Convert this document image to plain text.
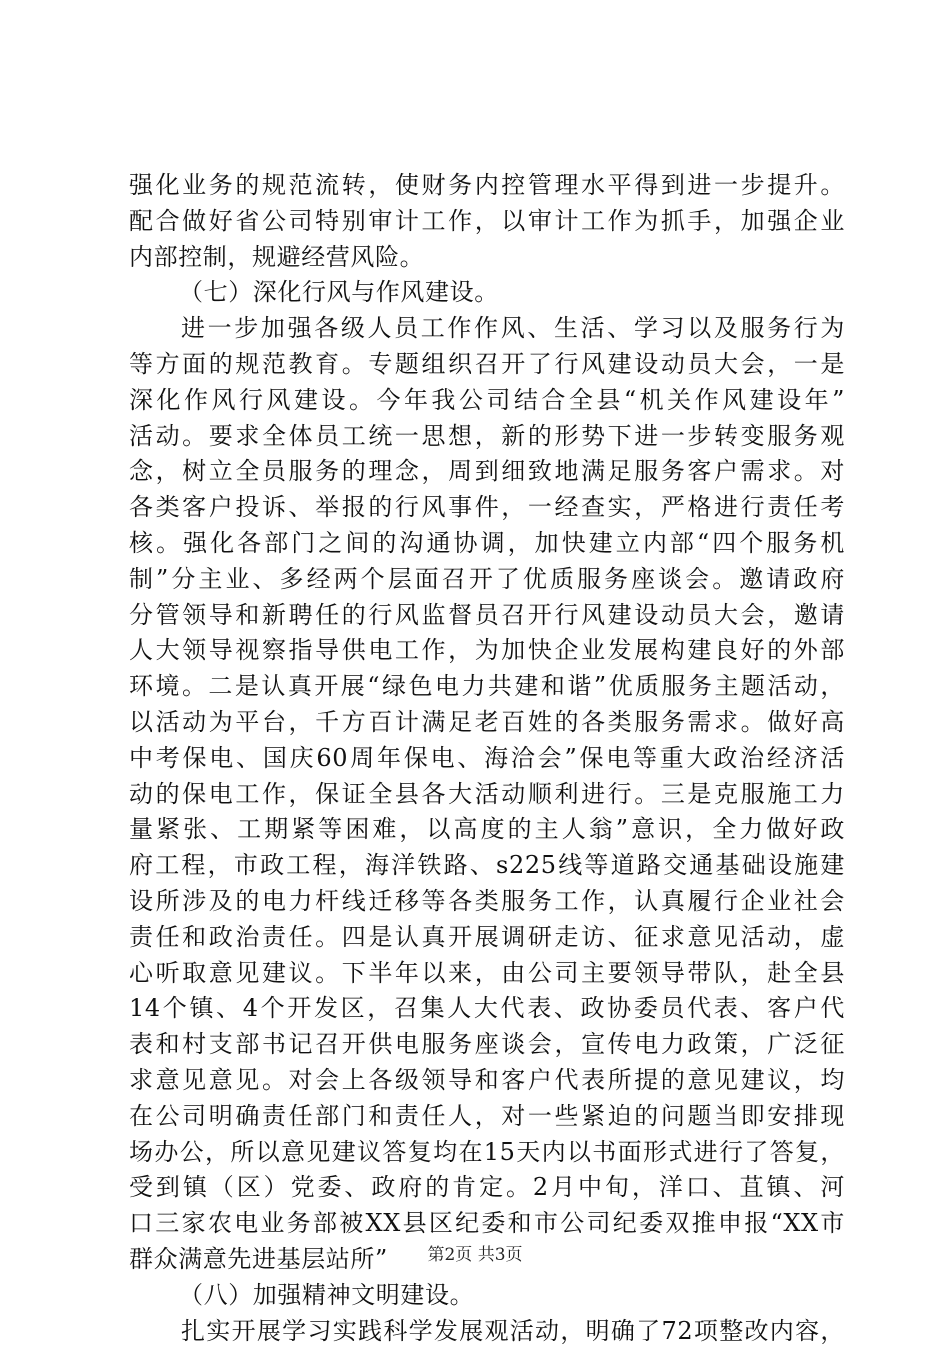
强化业务的规范流转，使财务内控管理水平得到进一步提升。
配合做好省公司特别审计工作，以审计工作为抓手，加强企业
内部控制，规避经营风险。
（七）深化行风与作风建设。
进一步加强各级人员工作作风、生活、学习以及服务行为
等方面的规范教育。专题组织召开了行风建设动员大会，一是
深化作风行风建设。今年我公司结合全县“机关作风建设年”
活动。要求全体员工统一思想，新的形势下进一步转变服务观
念，树立全员服务的理念，周到细致地满足服务客户需求。对
各类客户投诉、举报的行风事件，一经查实，严格进行责任考
核。强化各部门之间的沟通协调，加快建立内部“四个服务机
制”分主业、多经两个层面召开了优质服务座谈会。邀请政府
分管领导和新聘任的行风监督员召开行风建设动员大会，邀请
人大领导视察指导供电工作，为加快企业发展构建良好的外部
环境。二是认真开展“绿色电力共建和谐”优质服务主题活动，
以活动为平台，千方百计满足老百姓的各类服务需求。做好高
中考保电、国庆60周年保电、海洽会”保电等重大政治经济活
动的保电工作，保证全县各大活动顺利进行。三是克服施工力
量紧张、工期紧等困难，以高度的主人翁”意识，全力做好政
府工程，市政工程，海洋铁路、s225线等道路交通基础设施建
设所涉及的电力杆线迁移等各类服务工作，认真履行企业社会
责任和政治责任。四是认真开展调研走访、征求意见活动，虚
心听取意见建议。下半年以来，由公司主要领导带队，赴全县
14个镇、4个开发区，召集人大代表、政协委员代表、客户代
表和村支部书记召开供电服务座谈会，宣传电力政策，广泛征
求意见意见。对会上各级领导和客户代表所提的意见建议，均
在公司明确责任部门和责任人，对一些紧迫的问题当即安排现
场办公，所以意见建议答复均在15天内以书面形式进行了答复，
受到镇（区）党委、政府的肯定。2月中旬，洋口、苴镇、河
口三家农电业务部被XX县区纪委和市公司纪委双推申报“XX市
群众满意先进基层站所”
（八）加强精神文明建设。
扎实开展学习实践科学发展观活动，明确了72项整改内容，
第2页 共3页
